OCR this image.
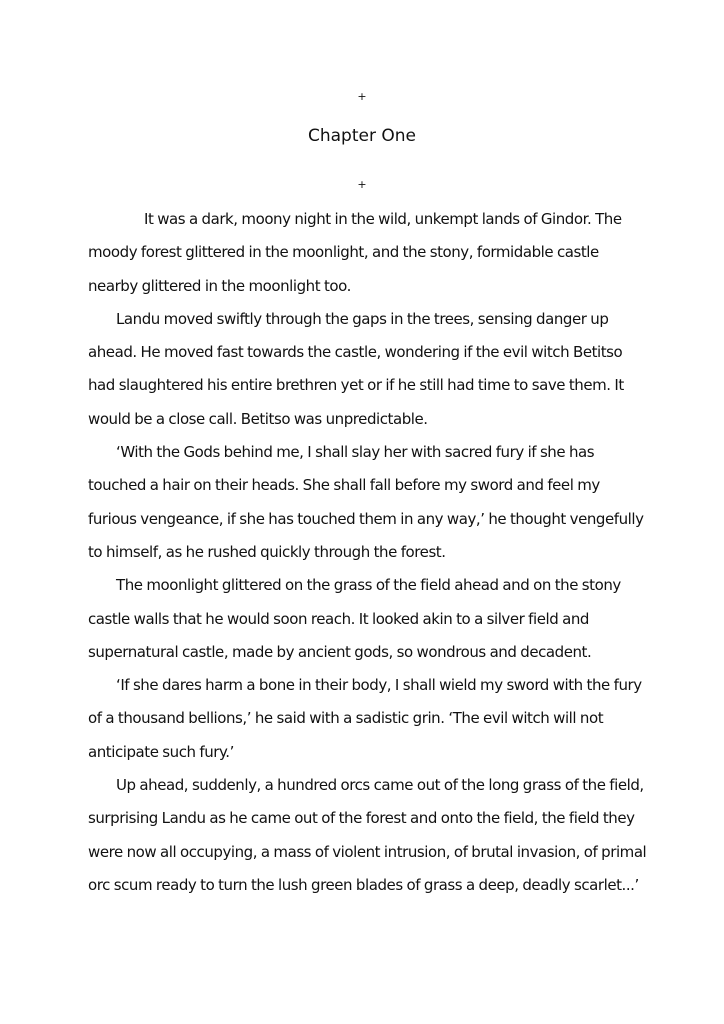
+
Chapter One
+

It was a dark, moony night in the wild, unkempt lands of Gindor. The moody forest glittered in the moonlight, and the stony, formidable castle nearby glittered in the moonlight too.

Landu moved swiftly through the gaps in the trees, sensing danger up ahead. He moved fast towards the castle, wondering if the evil witch Betitso had slaughtered his entire brethren yet or if he still had time to save them. It would be a close call. Betitso was unpredictable.

‘With the Gods behind me, I shall slay her with sacred fury if she has touched a hair on their heads. She shall fall before my sword and feel my furious vengeance, if she has touched them in any way,’ he thought vengefully to himself, as he rushed quickly through the forest.

The moonlight glittered on the grass of the field ahead and on the stony castle walls that he would soon reach. It looked akin to a silver field and supernatural castle, made by ancient gods, so wondrous and decadent.

‘If she dares harm a bone in their body, I shall wield my sword with the fury of a thousand bellions,’ he said with a sadistic grin. ‘The evil witch will not anticipate such fury.’

Up ahead, suddenly, a hundred orcs came out of the long grass of the field, surprising Landu as he came out of the forest and onto the field, the field they were now all occupying, a mass of violent intrusion, of brutal invasion, of primal orc scum ready to turn the lush green blades of grass a deep, deadly scarlet...’
